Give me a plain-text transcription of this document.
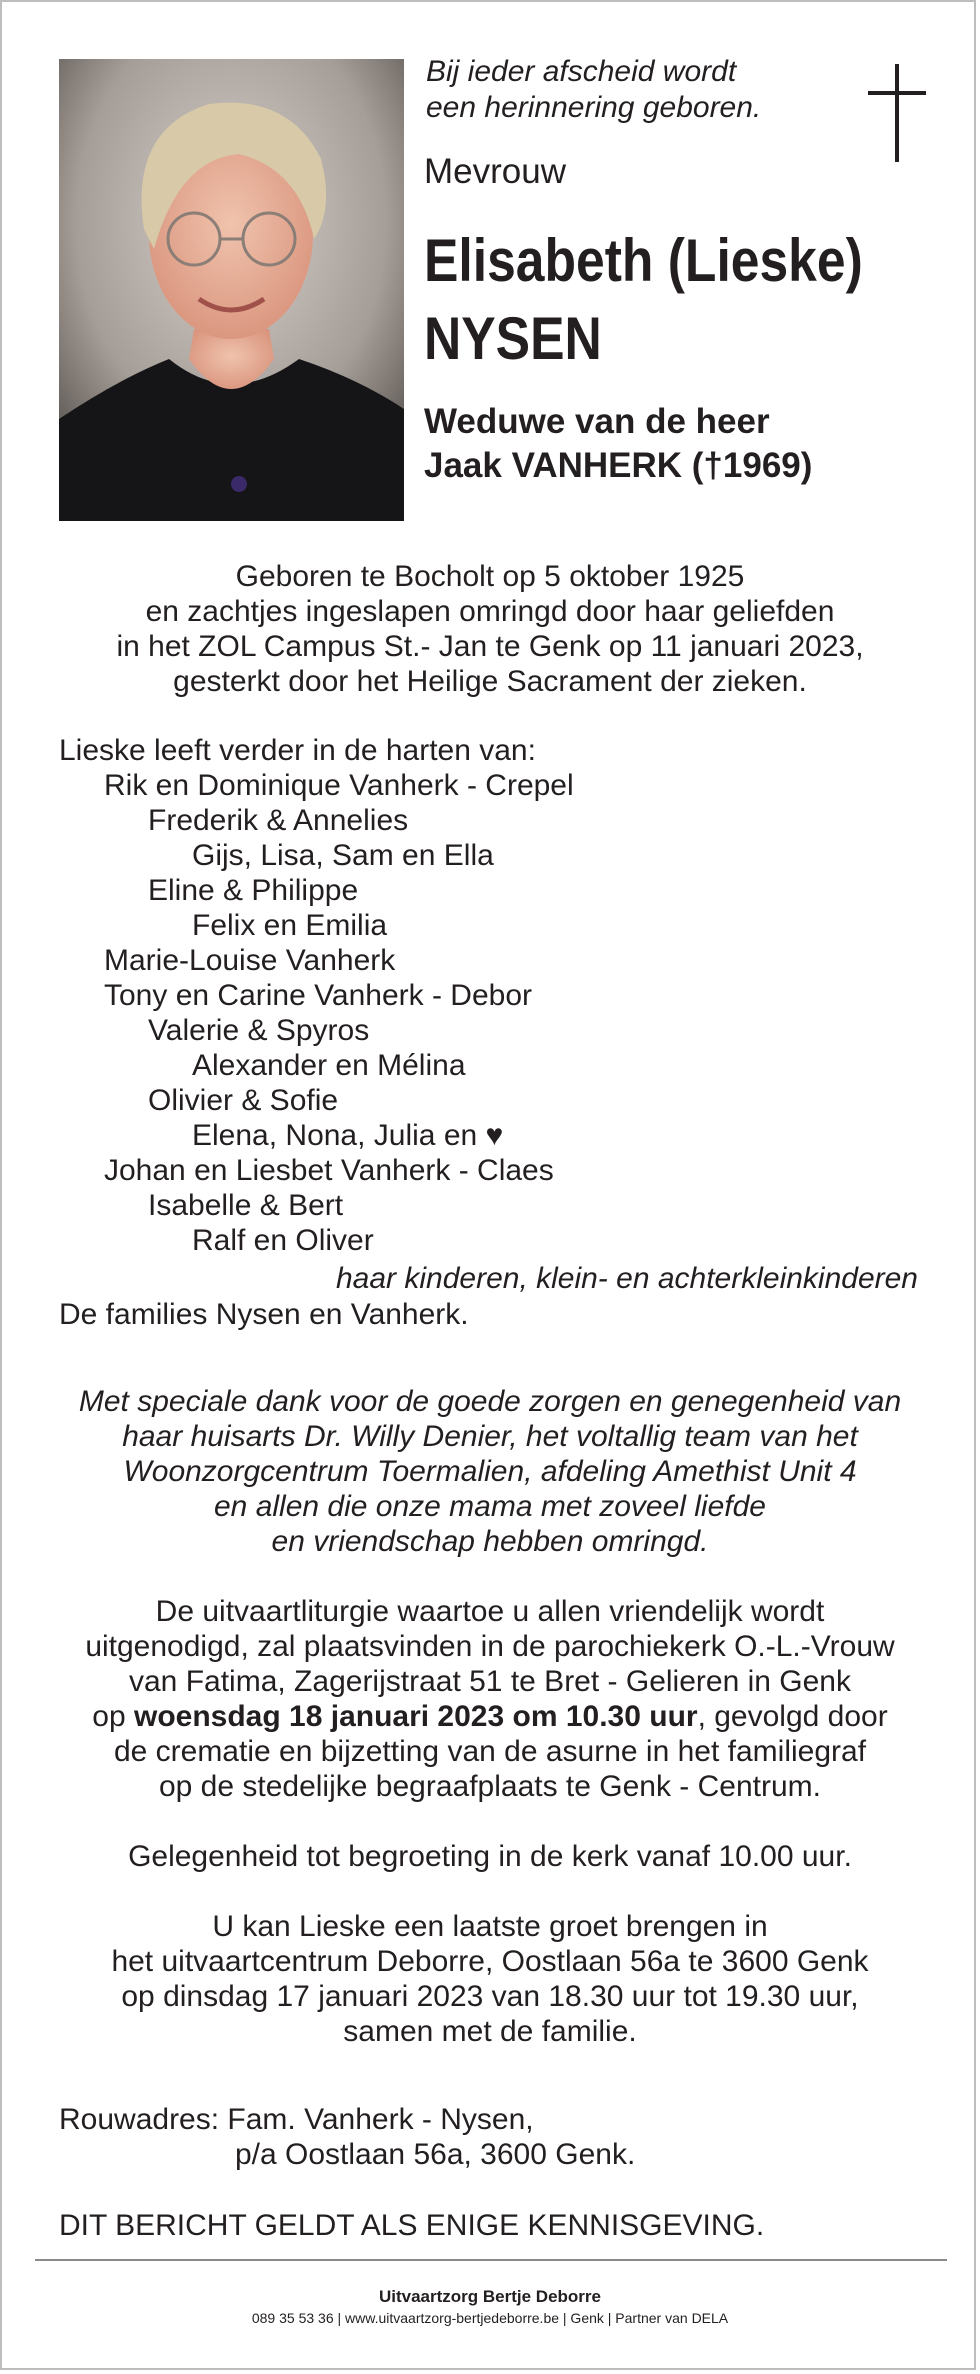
Bij ieder afscheid wordt
een herinnering geboren.
Mevrouw
Elisabeth (Lieske)
NYSEN
Weduwe van de heer
Jaak VANHERK (†1969)
Geboren te Bocholt op 5 oktober 1925
en zachtjes ingeslapen omringd door haar geliefden
in het ZOL Campus St.- Jan te Genk op 11 januari 2023,
gesterkt door het Heilige Sacrament der zieken.
Lieske leeft verder in de harten van:
Rik en Dominique Vanherk - Crepel
Frederik & Annelies
Gijs, Lisa, Sam en Ella
Eline & Philippe
Felix en Emilia
Marie-Louise Vanherk
Tony en Carine Vanherk - Debor
Valerie & Spyros
Alexander en Mélina
Olivier & Sofie
Elena, Nona, Julia en ♥
Johan en Liesbet Vanherk - Claes
Isabelle & Bert
Ralf en Oliver
haar kinderen, klein- en achterkleinkinderen
De families Nysen en Vanherk.
Met speciale dank voor de goede zorgen en genegenheid van
haar huisarts Dr. Willy Denier, het voltallig team van het
Woonzorgcentrum Toermalien, afdeling Amethist Unit 4
en allen die onze mama met zoveel liefde
en vriendschap hebben omringd.
De uitvaartliturgie waartoe u allen vriendelijk wordt
uitgenodigd, zal plaatsvinden in de parochiekerk O.-L.-Vrouw
van Fatima, Zagerijstraat 51 te Bret - Gelieren in Genk
op woensdag 18 januari 2023 om 10.30 uur, gevolgd door
de crematie en bijzetting van de asurne in het familiegraf
op de stedelijke begraafplaats te Genk - Centrum.
Gelegenheid tot begroeting in de kerk vanaf 10.00 uur.
U kan Lieske een laatste groet brengen in
het uitvaartcentrum Deborre, Oostlaan 56a te 3600 Genk
op dinsdag 17 januari 2023 van 18.30 uur tot 19.30 uur,
samen met de familie.
Rouwadres: Fam. Vanherk - Nysen,
p/a Oostlaan 56a, 3600 Genk.
DIT BERICHT GELDT ALS ENIGE KENNISGEVING.
Uitvaartzorg Bertje Deborre
089 35 53 36 | www.uitvaartzorg-bertjedeborre.be | Genk | Partner van DELA
